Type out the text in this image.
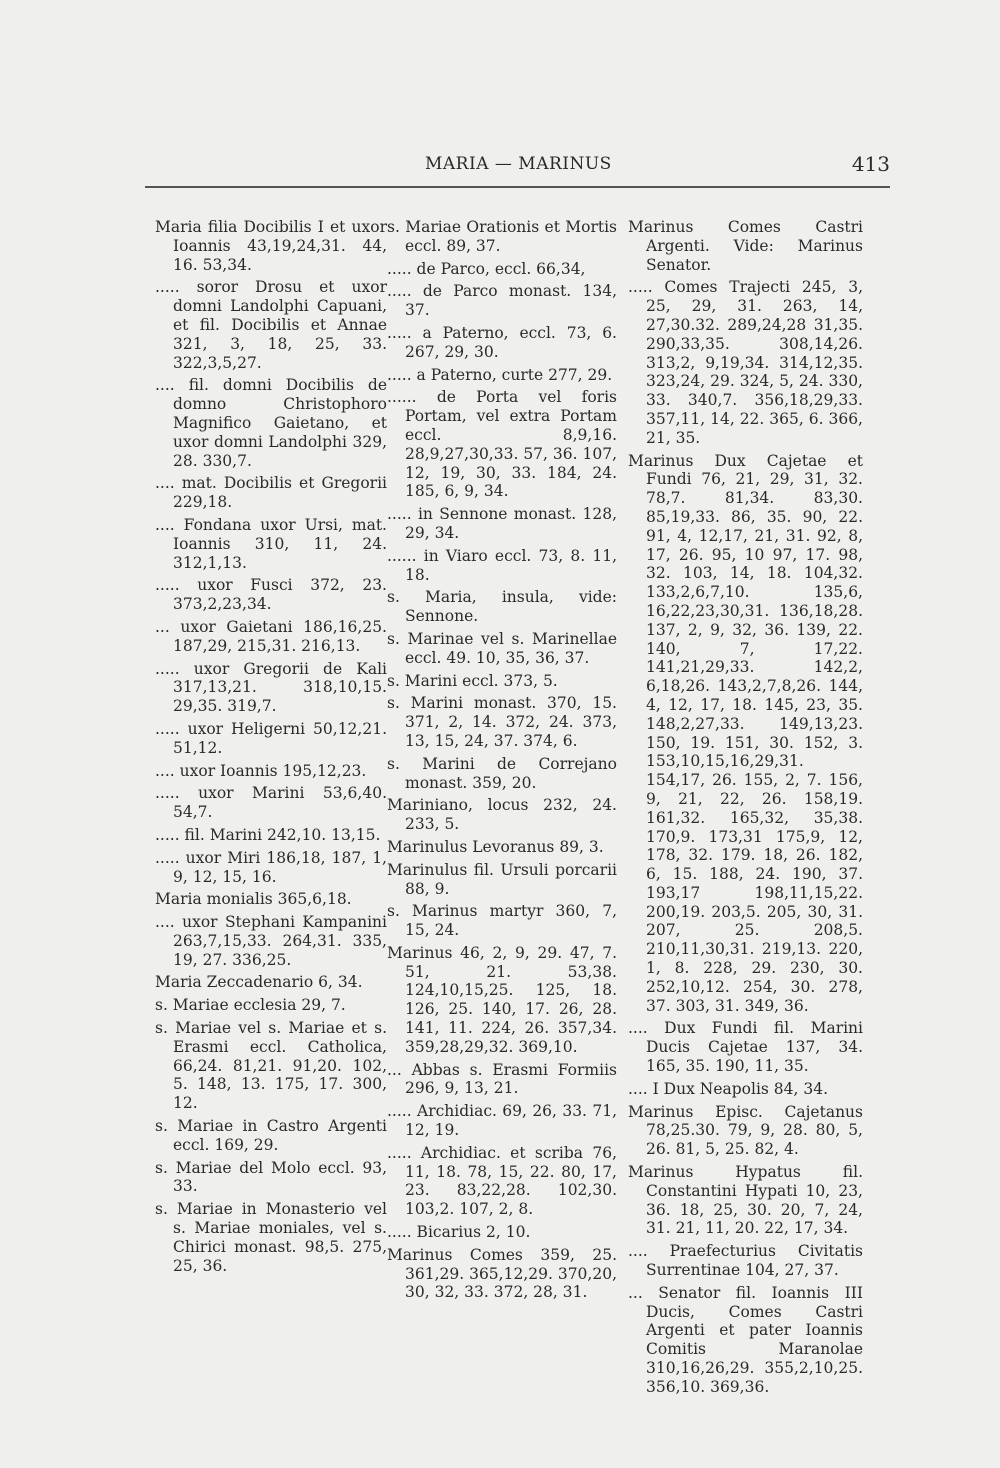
MARIA — MARINUS	413

Maria filia Docibilis I et uxor Ioannis 43,19,24,31. 44, 16. 53,34.

..... soror Drosu et uxor domni Landolphi Capuani, et fil. Docibilis et Annae 321, 3, 18, 25, 33. 322,3,5,27.

.... fil. domni Docibilis de domno Christophoro Magnifico Gaietano, et uxor domni Landolphi 329, 28. 330,7.

.... mat. Docibilis et Gregorii 229,18.

.... Fondana uxor Ursi, mat. Ioannis 310, 11, 24. 312,1,13.

..... uxor Fusci 372, 23. 373,2,23,34.

... uxor Gaietani 186,16,25. 187,29, 215,31. 216,13.

..... uxor Gregorii de Kali 317,13,21. 318,10,15. 29,35. 319,7.

..... uxor Heligerni 50,12,21. 51,12.

.... uxor Ioannis 195,12,23.

..... uxor Marini 53,6,40. 54,7.

..... fil. Marini 242,10. 13,15.

..... uxor Miri 186,18, 187, 1, 9, 12, 15, 16.

Maria monialis 365,6,18.

.... uxor Stephani Kampanini 263,7,15,33. 264,31. 335, 19, 27. 336,25.

Maria Zeccadenario 6, 34.

s. Mariae ecclesia 29, 7.

s. Mariae vel s. Mariae et s. Erasmi eccl. Catholica, 66,24. 81,21. 91,20. 102, 5. 148, 13. 175, 17. 300, 12.

s. Mariae in Castro Argenti eccl. 169, 29.

s. Mariae del Molo eccl. 93, 33.

s. Mariae in Monasterio vel s. Mariae moniales, vel s. Chirici monast. 98,5. 275, 25, 36.

s. Mariae Orationis et Mortis eccl. 89, 37.

..... de Parco, eccl. 66,34,

..... de Parco monast. 134, 37.

..... a Paterno, eccl. 73, 6. 267, 29, 30.

..... a Paterno, curte 277, 29.

...... de Porta vel foris Portam, vel extra Portam eccl. 8,9,16. 28,9,27,30,33. 57, 36. 107, 12, 19, 30, 33. 184, 24. 185, 6, 9, 34.

..... in Sennone monast. 128, 29, 34.

...... in Viaro eccl. 73, 8. 11, 18.

s. Maria, insula, vide: Sennone.

s. Marinae vel s. Marinellae eccl. 49. 10, 35, 36, 37.

s. Marini eccl. 373, 5.

s. Marini monast. 370, 15. 371, 2, 14. 372, 24. 373, 13, 15, 24, 37. 374, 6.

s. Marini de Correjano monast. 359, 20.

Mariniano, locus 232, 24. 233, 5.

Marinulus Levoranus 89, 3.

Marinulus fil. Ursuli porcarii 88, 9.

s. Marinus martyr 360, 7, 15, 24.

Marinus 46, 2, 9, 29. 47, 7. 51, 21. 53,38. 124,10,15,25. 125, 18. 126, 25. 140, 17. 26, 28. 141, 11. 224, 26. 357,34. 359,28,29,32. 369,10.

... Abbas s. Erasmi Formiis 296, 9, 13, 21.

..... Archidiac. 69, 26, 33. 71, 12, 19.

..... Archidiac. et scriba 76, 11, 18. 78, 15, 22. 80, 17, 23. 83,22,28. 102,30. 103,2. 107, 2, 8.

..... Bicarius 2, 10.

Marinus Comes 359, 25. 361,29. 365,12,29. 370,20, 30, 32, 33. 372, 28, 31.

Marinus Comes Castri Argenti. Vide: Marinus Senator.

..... Comes Trajecti 245, 3, 25, 29, 31. 263, 14, 27,30.32. 289,24,28 31,35. 290,33,35. 308,14,26. 313,2, 9,19,34. 314,12,35. 323,24, 29. 324, 5, 24. 330, 33. 340,7. 356,18,29,33. 357,11, 14, 22. 365, 6. 366, 21, 35.

Marinus Dux Cajetae et Fundi 76, 21, 29, 31, 32. 78,7. 81,34. 83,30. 85,19,33. 86, 35. 90, 22. 91, 4, 12,17, 21, 31. 92, 8, 17, 26. 95, 10 97, 17. 98, 32. 103, 14, 18. 104,32. 133,2,6,7,10. 135,6, 16,22,23,30,31. 136,18,28. 137, 2, 9, 32, 36. 139, 22. 140, 7, 17,22. 141,21,29,33. 142,2, 6,18,26. 143,2,7,8,26. 144, 4, 12, 17, 18. 145, 23, 35. 148,2,27,33. 149,13,23. 150, 19. 151, 30. 152, 3. 153,10,15,16,29,31. 154,17, 26. 155, 2, 7. 156, 9, 21, 22, 26. 158,19. 161,32. 165,32, 35,38. 170,9. 173,31 175,9, 12, 178, 32. 179. 18, 26. 182, 6, 15. 188, 24. 190, 37. 193,17 198,11,15,22. 200,19. 203,5. 205, 30, 31. 207, 25. 208,5. 210,11,30,31. 219,13. 220, 1, 8. 228, 29. 230, 30. 252,10,12. 254, 30. 278, 37. 303, 31. 349, 36.

.... Dux Fundi fil. Marini Ducis Cajetae 137, 34. 165, 35. 190, 11, 35.

.... I Dux Neapolis 84, 34.

Marinus Episc. Cajetanus 78,25.30. 79, 9, 28. 80, 5, 26. 81, 5, 25. 82, 4.

Marinus Hypatus fil. Constantini Hypati 10, 23, 36. 18, 25, 30. 20, 7, 24, 31. 21, 11, 20. 22, 17, 34.

.... Praefecturius Civitatis Surrentinae 104, 27, 37.

... Senator fil. Ioannis III Ducis, Comes Castri Argenti et pater Ioannis Comitis Maranolae 310,16,26,29. 355,2,10,25. 356,10. 369,36.
